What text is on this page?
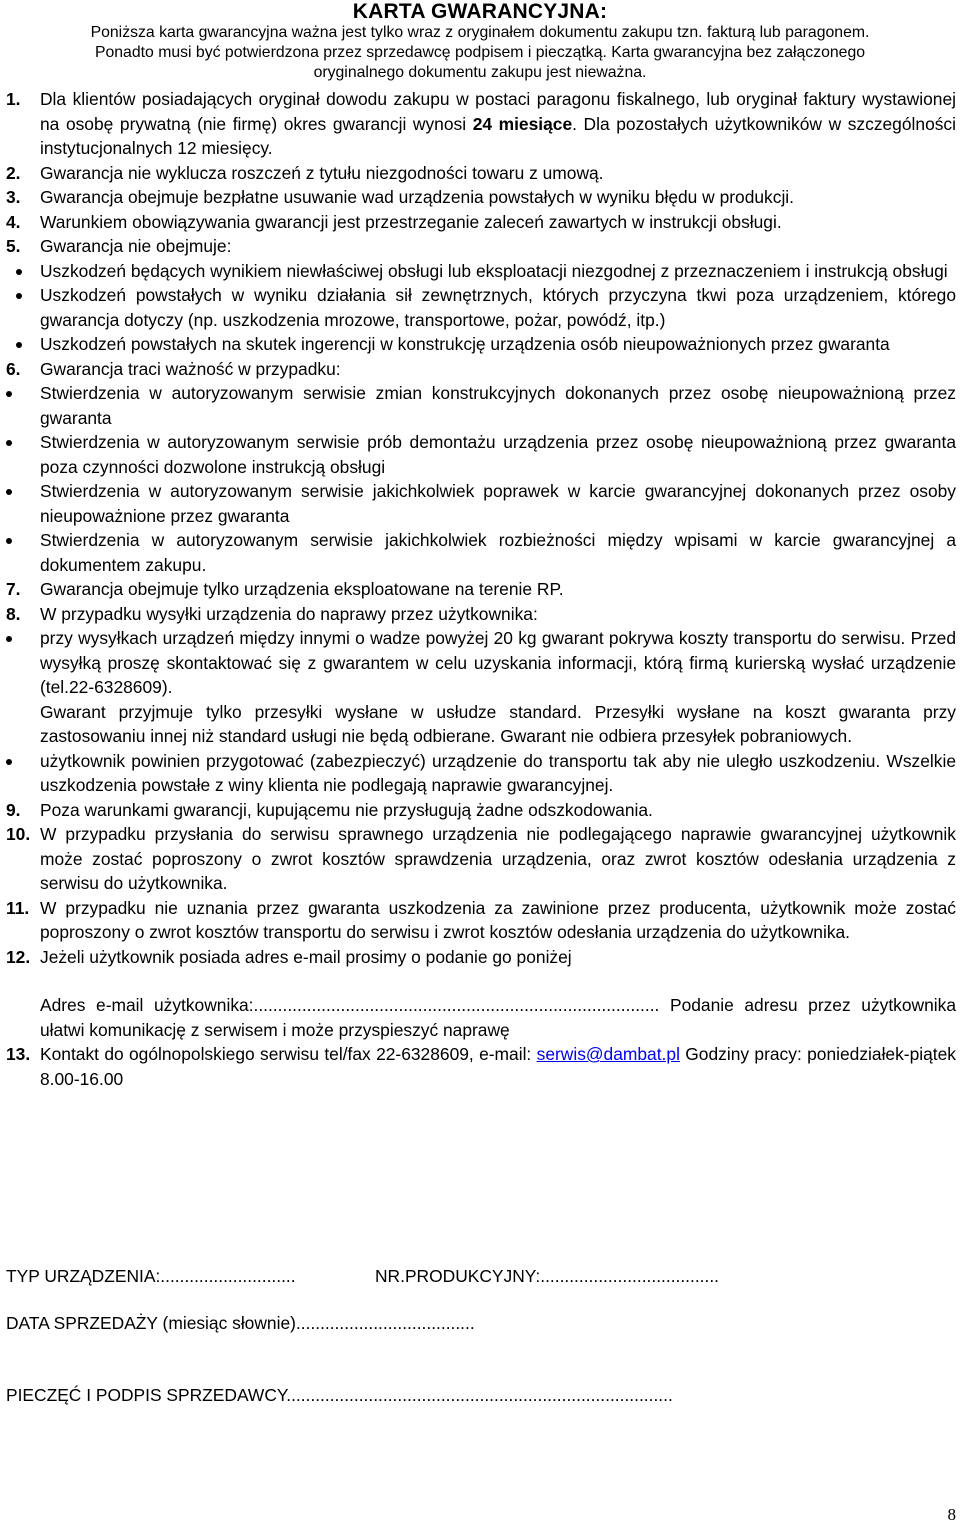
KARTA GWARANCYJNA:
Poniższa karta gwarancyjna ważna jest tylko wraz z oryginałem dokumentu zakupu tzn. fakturą lub paragonem.
Ponadto musi być potwierdzona przez sprzedawcę podpisem i pieczątką. Karta gwarancyjna bez załączonego
oryginalnego dokumentu zakupu jest nieważna.
1. Dla klientów posiadających oryginał dowodu zakupu w postaci paragonu fiskalnego, lub oryginał faktury wystawionej na osobę prywatną (nie firmę) okres gwarancji wynosi 24 miesiące. Dla pozostałych użytkowników w szczególności instytucjonalnych 12 miesięcy.
2. Gwarancja nie wyklucza roszczeń z tytułu niezgodności towaru z umową.
3. Gwarancja obejmuje bezpłatne usuwanie wad urządzenia powstałych w wyniku błędu w produkcji.
4. Warunkiem obowiązywania gwarancji jest przestrzeganie zaleceń zawartych w instrukcji obsługi.
5. Gwarancja nie obejmuje:
Uszkodzeń będących wynikiem niewłaściwej obsługi lub eksploatacji niezgodnej z przeznaczeniem i instrukcją obsługi
Uszkodzeń powstałych w wyniku działania sił zewnętrznych, których przyczyna tkwi poza urządzeniem, którego gwarancja dotyczy (np. uszkodzenia mrozowe, transportowe, pożar, powódź, itp.)
Uszkodzeń powstałych na skutek ingerencji w konstrukcję urządzenia osób nieupoważnionych przez gwaranta
6. Gwarancja traci ważność w przypadku:
Stwierdzenia w autoryzowanym serwisie zmian konstrukcyjnych dokonanych przez osobę nieupoważnioną przez gwaranta
Stwierdzenia w autoryzowanym serwisie prób demontażu urządzenia przez osobę nieupoważnioną przez gwaranta poza czynności dozwolone instrukcją obsługi
Stwierdzenia w autoryzowanym serwisie jakichkolwiek poprawek w karcie gwarancyjnej dokonanych przez osoby nieupoważnione przez gwaranta
Stwierdzenia w autoryzowanym serwisie jakichkolwiek rozbieżności między wpisami w karcie gwarancyjnej a dokumentem zakupu.
7. Gwarancja obejmuje tylko urządzenia eksploatowane na terenie RP.
8. W przypadku wysyłki urządzenia do naprawy przez użytkownika:
przy wysyłkach urządzeń między innymi o wadze powyżej 20 kg gwarant pokrywa koszty transportu do serwisu. Przed wysyłką proszę skontaktować się z gwarantem w celu uzyskania informacji, którą firmą kurierską wysłać urządzenie (tel.22-6328609).
Gwarant przyjmuje tylko przesyłki wysłane w usłudze standard. Przesyłki wysłane na koszt gwaranta przy zastosowaniu innej niż standard usługi nie będą odbierane. Gwarant nie odbiera przesyłek pobraniowych.
użytkownik powinien przygotować (zabezpieczyć) urządzenie do transportu tak aby nie uległo uszkodzeniu. Wszelkie uszkodzenia powstałe z winy klienta nie podlegają naprawie gwarancyjnej.
9. Poza warunkami gwarancji, kupującemu nie przysługują żadne odszkodowania.
10. W przypadku przysłania do serwisu sprawnego urządzenia nie podlegającego naprawie gwarancyjnej użytkownik może zostać poproszony o zwrot kosztów sprawdzenia urządzenia, oraz zwrot kosztów odesłania urządzenia z serwisu do użytkownika.
11. W przypadku nie uznania przez gwaranta uszkodzenia za zawinione przez producenta, użytkownik może zostać poproszony o zwrot kosztów transportu do serwisu i zwrot kosztów odesłania urządzenia do użytkownika.
12. Jeżeli użytkownik posiada adres e-mail prosimy o podanie go poniżej
Adres e-mail użytkownika:.................................................................................... Podanie adresu przez użytkownika ułatwi komunikację z serwisem i może przyspieszyć naprawę
13. Kontakt do ogólnopolskiego serwisu tel/fax 22-6328609, e-mail: serwis@dambat.pl Godziny pracy: poniedziałek-piątek 8.00-16.00
TYP URZĄDZENIA:............................	NR.PRODUKCYJNY:.....................................
DATA SPRZEDAŻY (miesiąc słownie).....................................
PIECZĘĆ I PODPIS SPRZEDAWCY................................................................................
8
